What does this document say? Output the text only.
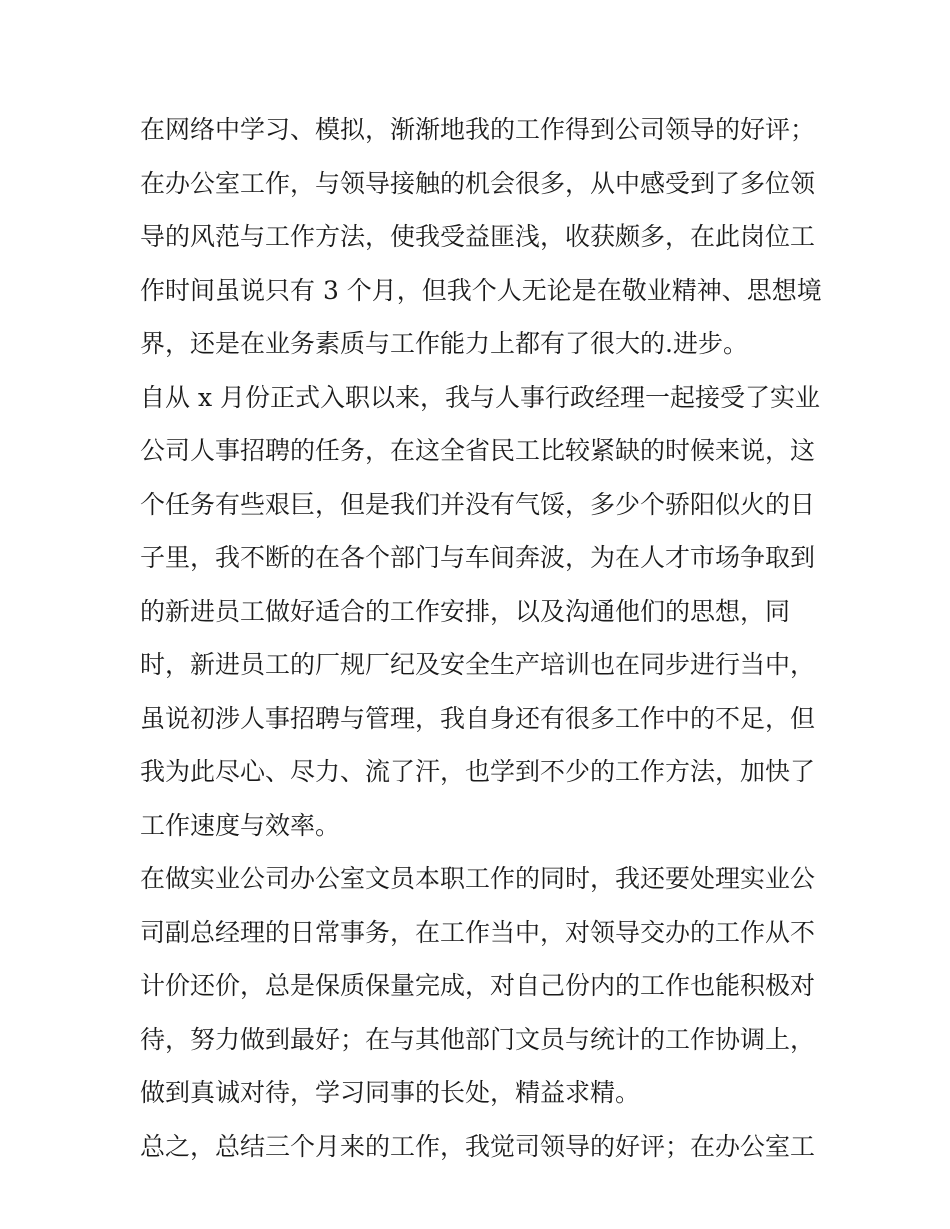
在网络中学习、模拟，渐渐地我的工作得到公司领导的好评；
在办公室工作，与领导接触的机会很多，从中感受到了多位领
导的风范与工作方法，使我受益匪浅，收获颇多，在此岗位工
作时间虽说只有 3 个月，但我个人无论是在敬业精神、思想境
界，还是在业务素质与工作能力上都有了很大的.进步。
自从 x 月份正式入职以来，我与人事行政经理一起接受了实业
公司人事招聘的任务，在这全省民工比较紧缺的时候来说，这
个任务有些艰巨，但是我们并没有气馁，多少个骄阳似火的日
子里，我不断的在各个部门与车间奔波，为在人才市场争取到
的新进员工做好适合的工作安排，以及沟通他们的思想，同
时，新进员工的厂规厂纪及安全生产培训也在同步进行当中，
虽说初涉人事招聘与管理，我自身还有很多工作中的不足，但
我为此尽心、尽力、流了汗，也学到不少的工作方法，加快了
工作速度与效率。
在做实业公司办公室文员本职工作的同时，我还要处理实业公
司副总经理的日常事务，在工作当中，对领导交办的工作从不
计价还价，总是保质保量完成，对自己份内的工作也能积极对
待，努力做到最好；在与其他部门文员与统计的工作协调上，
做到真诚对待，学习同事的长处，精益求精。
总之，总结三个月来的工作，我觉司领导的好评；在办公室工
